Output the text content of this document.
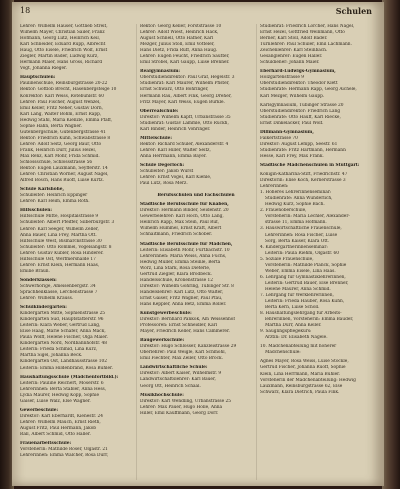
18	Schulen
Lehrer: Wilhelm Hauser, Gottlieb Streit,
Wilhelm Mayer, Christian Sailer, Franz
Hofmann, Georg Lutz, Heinrich Keil,
Karl Schneider, Eduard Rupp, Albrecht
Haug, Otto Eisele, Friedrich Wolf, Ernst
Ziegler, Martin Bader, Ludwig Kurz,
Hermann Maier, Hans Gross, Richard
Vogt, Johanna Rieger.
Hauptschulen:
Paulinenschule, Reinsburgstrasse 20-22
Rektor: Gottlob Brecht, Hasenbergsteige 10
Konrektor: Karl Weiss, Rotebühlstr. 60
Lehrer: Paul Fischer, August Wenzel,
Emil Keller, Fritz Neher, Gustav Dorn,
Karl Lang, Walter Böhm, Ernst Rapp,
Hedwig Stahl, Maria Kienzle, Emma Pfaff,
Sophie Hahn, Berta Wagner.
Gutenbergschule, Gutenbergstrasse 41
Rektor: Friedrich Kuhn, Schwabstrasse 8
Lehrer: Adolf Seitz, Georg Baur, Otto
Frank, Heinrich Dürr, Julius Hezel,
Max Renz, Karl Mohr, Frida Schmid.
Schlossschule, Schlossstrasse 56
Rektor: Eugen Lauxmann, Seyfferstr. 14
Lehrer: Christian Wörner, August Nagel,
Alfred Bosch, Hans Ruoff, Luise Kurtz.
Schule Karlshöhe,
Schulleiter: Heinrich Eppinger
Lehrer: Karl Heim, Emma Roth.
Hilfsschulen:
Hilfsschule Mitte, Hospitalstrasse 9
Schulleiter: Albert Pfeiffer, Silberburgstr. 3
Lehrer: Karl Seeger, Wilhelm Zeller,
Anna Bauer, Lina Frey, Martha Ott.
Hilfsschule West, Bismarckstrasse 30
Schulleiter: Otto Rommel, Vogelsangstr. 8
Lehrer: Gustav Kübler, Rosa Hinderer.
Hilfsschule Ost, Werfmershalde 17
Lehrer: Ernst Klein, Hermann Haas,
Emilie Braun.
Sonderklassen:
Schwerhörige, Ameisenbergstr. 34
Sprachheilklasse, Lerchenstrasse 7
Lehrer: Wilhelm Krauss.
Schulkindergärten:
Kindergarten Mitte, Sophienstrasse 25
Kindergarten Süd, Hauptstätterstr. 96
Leiterin: Klara Weber, Gertrud Lang,
Elise Haag, Marie Schäfer, Anna Mack,
Paula Wolff, Helene Fischer, Olga Maier.
Kindergarten Nord, Nordbahnhofstr. 48
Leiterin: Frieda Schmid, Lina Kurz,
Martha Sigel, Johanna Beck.
Kindergarten Ost, Landhausstrasse 102
Leiterin: Emma Hildenbrand, Rosa Bühler.
Haushaltungsschule (Mädchenfortbild.):
Leiterin: Pauline Reichert, Moserstr. 6
Lehrerinnen: Berta Stäbler, Anna Hess,
Lydia Maurer, Hedwig Kopp, Sophie
Gaiser, Luise Walz, Else Wagner.
Gewerbeschule:
Direktor: Karl Eberhardt, Kienestr. 24
Lehrer: Wilhelm Mauch, Ernst Rieth,
August Fritz, Paul Hermann, Jakob
Rall, Albert Schmid, Otto Haller.
Frauenarbeitsschule:
Vorsteherin: Mathilde Roser, Olgastr. 21
Lehrerinnen: Emma Walcher, Rosa Dürr,
Rektor: Georg Keller, Forststrasse 10
Lehrer: Adolf Wiest, Heinrich Hack,
August Schnell, Otto Häfner, Karl
Mezger, Julius Stoll, Emil Votteler,
Hans Dietz, Frida Ruff, Anna Haug.
Lehrer: Eugen Feucht, Friedrich Sautter,
Emil Ströbel, Karl Gaupp, Luise Brenner.
Realgymnasium:
Oberstudiendirektor: Paul Graf, Hegelstr. 3
Studienrat: Karl Maurer, Wilhelm Pfister,
Ernst Schwarz, Otto Böhringer,
Hermann Rau, Albert Fink, Georg Dreher,
Fritz Mayer, Karl Weiss, Eugen Bürkle.
Oberrealschule:
Direktor: Wilhelm Kapff, Urbanstrasse 35
Studienrat: Gustav Lämmle, Otto Ruckh,
Karl Binder, Heinrich Vöhringer.
Mittelschule:
Rektor: Richard Schuler, Alexanderstr. 4
Lehrer: Karl Hiller, Walter Seitz,
Anna Herrmann, Emma Bayer.
Schule Degerloch:
Schulleiter: Jakob Wurst
Lehrer: Ernst Vogel, Karl Kienle,
Paul Lutz, Rosa Merz.
Berufsschulen und Fachschulen
Städtische Berufsschule für Knaben,
Direktor: Hermann Binder, Seidenstr. 20
Gewerbelehrer: Karl Hoch, Otto Lang,
Heinrich Rapp, Max Stein, Paul Ruf,
Wilhelm Hummel, Ernst Kraft, Albert
Schnaitmann, Friedrich Schober.
Städtische Berufsschule für Mädchen,
Leiterin: Elisabeth Mohr, Furtbachstr. 10
Lehrerinnen: Maria Weiss, Anna Fuchs,
Hedwig Müller, Emma Steinle, Berta
Wörz, Lina Stark, Rosa Dieterle,
Gertrud Ziegler, Klara Brodbeck.
Handelsschule, Kronenstrasse 12
Direktor: Wilhelm Göhring, Tübinger Str. 8
Handelslehrer: Karl Lutz, Otto Walter,
Ernst Gaiser, Fritz Wagner, Paul Pfau,
Hans Keppler, Anna Betz, Emma Roller.
Kunstgewerbeschule:
Direktor: Bernhard Pankok, Am Weissenhof
Professoren: Ernst Schneidler, Karl
Mayer, Friedrich Keller, Hans Cammerer.
Baugewerkschule:
Direktor: Hugo Schlösser, Kanzleistrasse 29
Oberlehrer: Paul Weigle, Karl Schmohl,
Emil Fiechter, Max Zeller, Otto Brock.
Landwirtschaftliche Schule:
Direktor: Albert Kaiser, Wilhelmstr. 9
Landwirtschaftslehrer: Karl Bauer,
Georg Ott, Heinrich Schaal.
Musikhochschule:
Direktor: Karl Wendling, Urbanstrasse 25
Lehrer: Max Pauer, Hugo Holle, Anna
Hiller, Emil Kauffmann, Georg Dörr.
Studienrat: Friedrich Lörcher, Hans Nagel,
Ernst Hezel, Gottfried Weinmann, Otto
Berner, Karl Stoll, Adolf Bader.
Turnlehrer: Paul Schuler, Emil Lachmann.
Zeichenlehrer: Karl Steinbach.
Gesanglehrer: Eugen Haller.
Schuldiener: Johann Maier.
Eberhard-Ludwigs-Gymnasium,
Holzgartenstrasse 9
Oberstudiendirektor: Theodor Klett
Studienräte: Hermann Rapp, Georg Aichele,
Karl Mezger, Wilhelm Gaupp.
Karlsgymnasium, Tübinger Strasse 20
Oberstudiendirektor: Friedrich Lang
Studienräte: Otto Hauff, Karl Riecke,
Ernst Dinkelacker, Paul Wolf.
Dillmann-Gymnasium,
Falkertstrasse 70
Direktor: August Lempp, Seestr. 61
Studienräte: Fritz Hartmann, Hermann
Hesse, Karl Frey, Max Frank.
Städtische Mädchenschulen in Stuttgart:
Königin-Katharina-Stift, Friedrichstr. 47
Direktorin: Elise Koch, Kernerstrasse 3
Lehrerinnen:
1. Höheres Lehrerinnenseminar:
Studienräte: Anna Wunderlich,
Hedwig Kurz, Sophie Bach.
2. Frauenoberschule,
Vorsteherin: Maria Lechler, Alexander-
strasse 11, Emma Hofmann.
3. Hauswirtschaftliche Frauenschule,
Lehrerinnen: Rosa Fischer, Luise
Sorg, Berta Kaiser, Klara Ott.
4. Kindergärtnerinnenseminar:
Leiterin: Paula Riehm, Olgastr. 60
5. Soziale Frauenschule,
Vorsteherin: Mathilde Planck, Sophie
Weber, Emma Eisele, Lina Haas.
6. Lehrgang für Gymnastiklehrerinnen,
Leiterin: Gertrud Bauer, Else Brenner,
Helene Maurer, Anna Schmid.
7. Lehrgang für Werklehrerinnen,
Leiterin: Frieda Hauber, Rosa Kühn,
Berta Kern, Luise Scholl.
8. Haushaltungslehrgang für Arbeits-
lehrerinnen, Vorsteherin: Emma Bauder,
Martha Dürr, Anna Keller.
9. Säuglingspflegekurs:
Ärztin: Dr. Elisabeth Nägele.
10. Mädchenabteilung mit höherer
Mädchenschule:
Agnes Mayer, Rosa Weiss, Luise Stöckle,
Gertrud Fischer, Johanna Ruoff, Sophie
Klein, Lina Herrmann, Maria Bühler.
Vorsteherin der Mädchenabteilung: Hedwig
Lauxmann, Reinsburgstrasse 62, Else
Schwarz, Klara Dietrich, Paula Fink.
